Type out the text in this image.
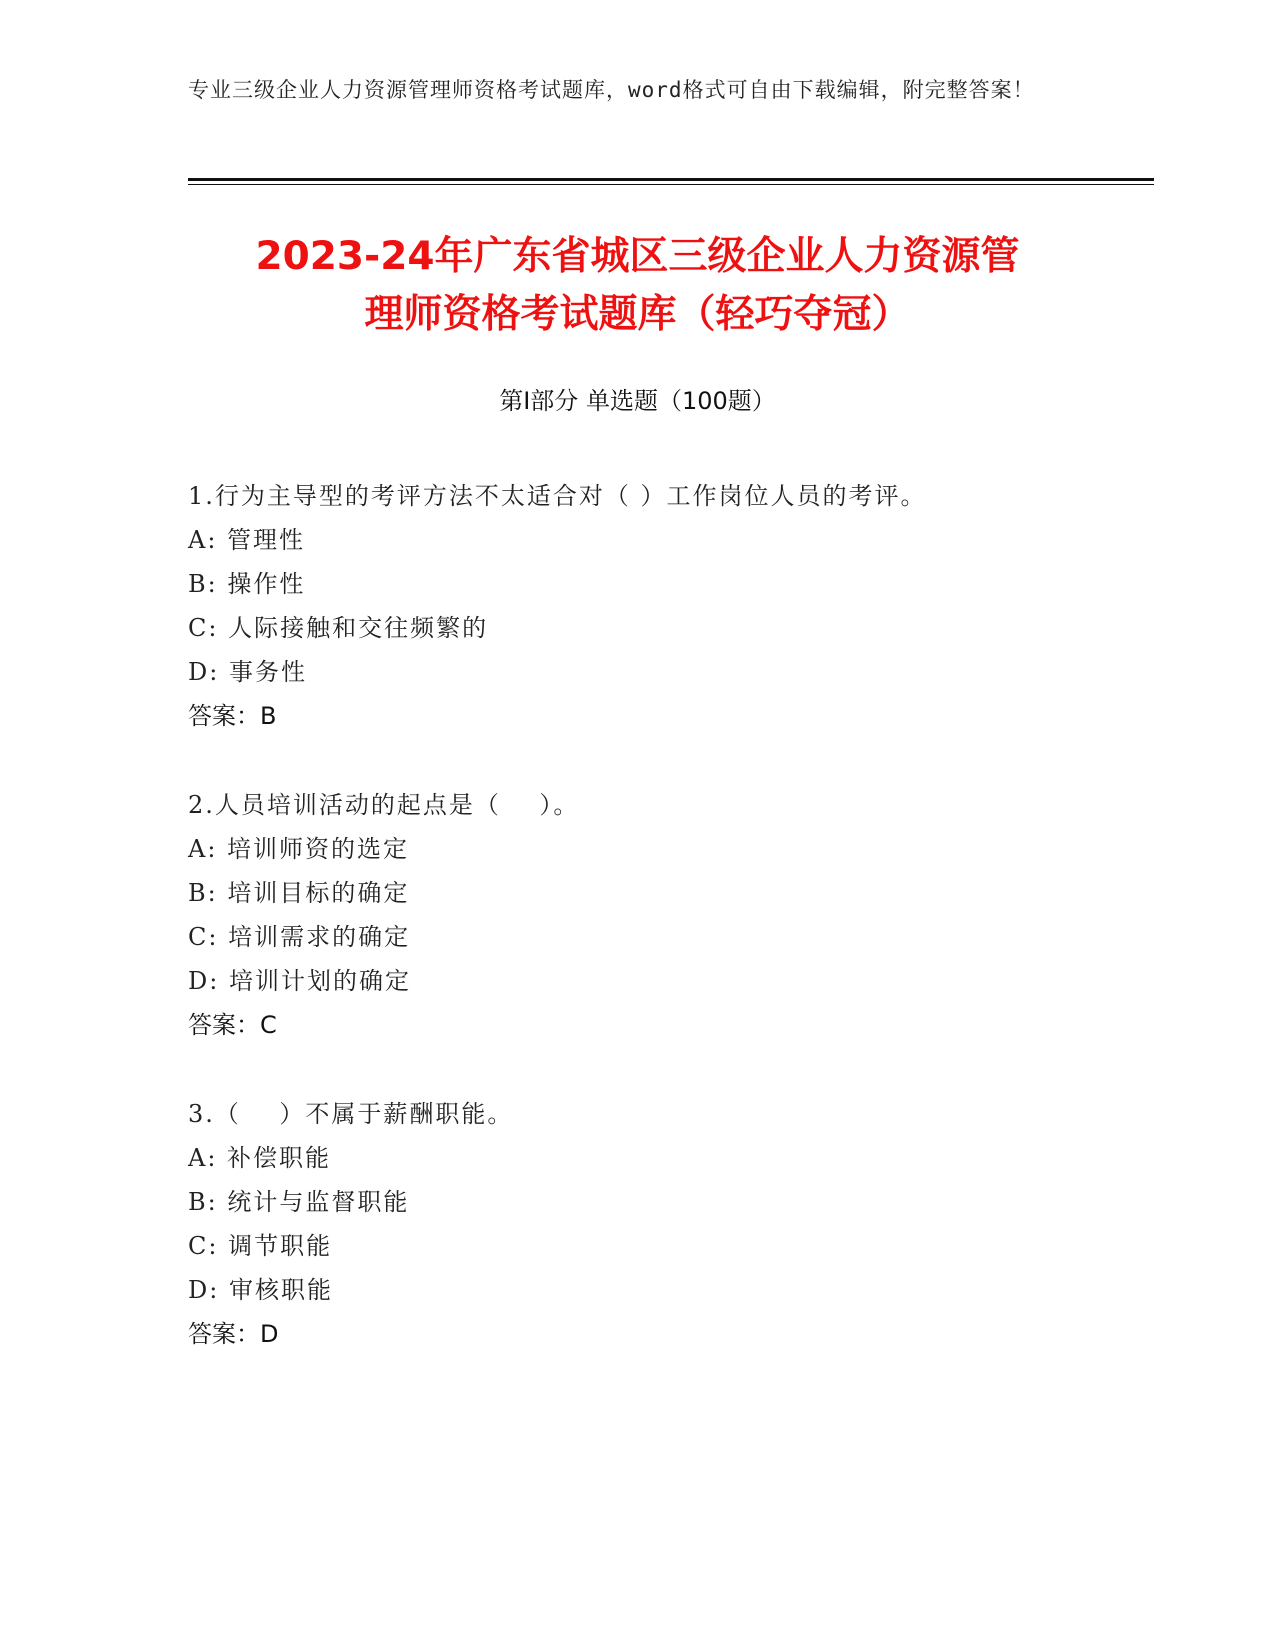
专业三级企业人力资源管理师资格考试题库，word格式可自由下载编辑，附完整答案！
2023-24年广东省城区三级企业人力资源管
理师资格考试题库（轻巧夺冠）
第Ⅰ部分 单选题（100题）
1.行为主导型的考评方法不太适合对（ ）工作岗位人员的考评。
A: 管理性
B: 操作性
C: 人际接触和交往频繁的
D: 事务性
答案：B
2.人员培训活动的起点是（    ）。
A: 培训师资的选定
B: 培训目标的确定
C: 培训需求的确定
D: 培训计划的确定
答案：C
3.（    ）不属于薪酬职能。
A: 补偿职能
B: 统计与监督职能
C: 调节职能
D: 审核职能
答案：D
